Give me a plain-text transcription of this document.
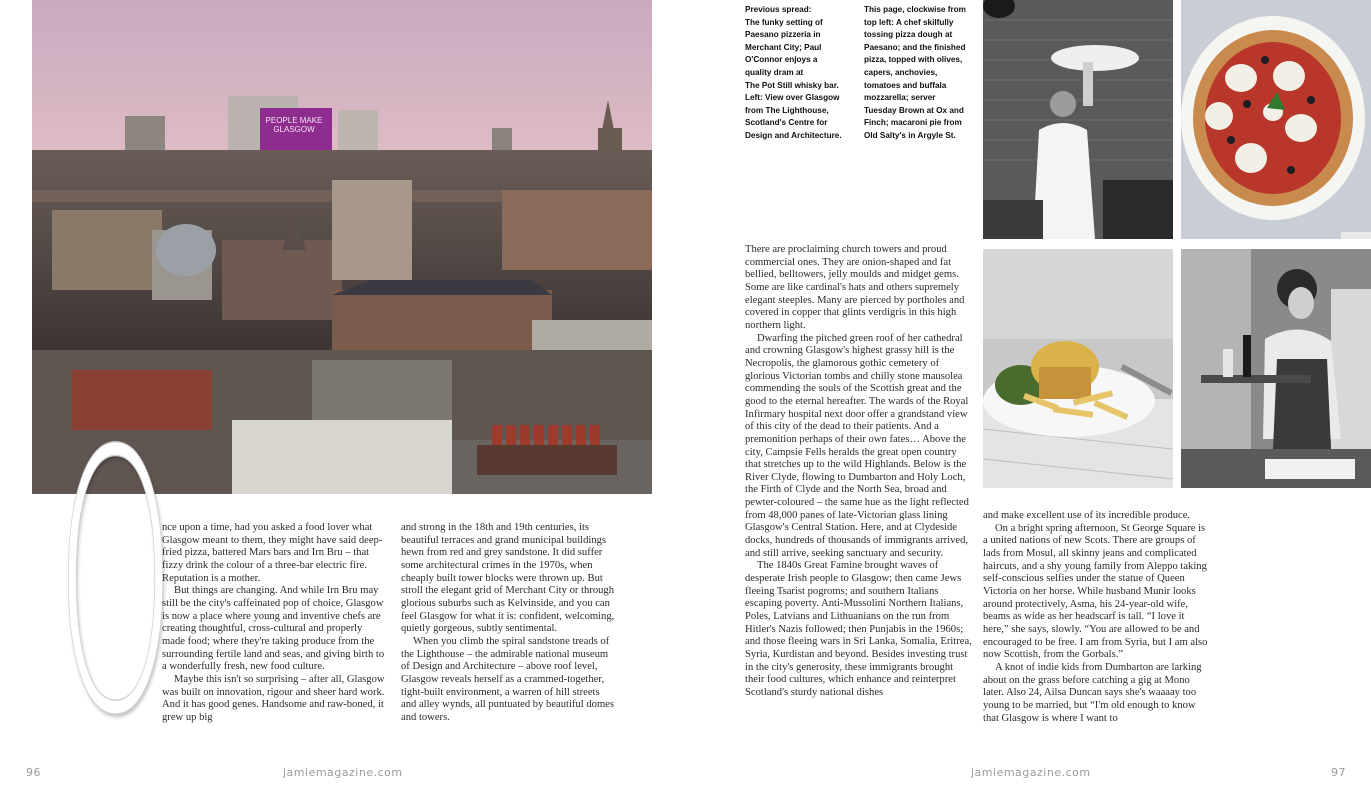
PEOPLE MAKE GLASGOW
O

nce upon a time, had you asked a food lover what Glasgow meant to them, they might have said deep-fried pizza, battered Mars bars and Irn Bru – that fizzy drink the colour of a three-bar electric fire. Reputation is a mother.

But things are changing. And while Irn Bru may still be the city's caffeinated pop of choice, Glasgow is now a place where young and inventive chefs are creating thoughtful, cross-cultural and properly made food; where they're taking produce from the surrounding fertile land and seas, and giving birth to a wonderfully fresh, new food culture.

Maybe this isn't so surprising – after all, Glasgow was built on innovation, rigour and sheer hard work. And it has good genes. Handsome and raw-boned, it grew up big

and strong in the 18th and 19th centuries, its beautiful terraces and grand municipal buildings hewn from red and grey sandstone. It did suffer some architectural crimes in the 1970s, when cheaply built tower blocks were thrown up. But stroll the elegant grid of Merchant City or through glorious suburbs such as Kelvinside, and you can feel Glasgow for what it is: confident, welcoming, quietly gorgeous, subtly sentimental.

When you climb the spiral sandstone treads of the Lighthouse – the admirable national museum of Design and Architecture – above roof level, Glasgow reveals herself as a crammed-together, tight-built environment, a warren of hill streets and alley wynds, all puntuated by beautiful domes and towers.

96	jamiemagazine.com
Previous spread:
The funky setting of
Paesano pizzeria in
Merchant City; Paul
O'Connor enjoys a
quality dram at
The Pot Still whisky bar.
Left: View over Glasgow
from The Lighthouse,
Scotland's Centre for
Design and Architecture.
This page, clockwise from
top left: A chef skilfully
tossing pizza dough at
Paesano; and the finished
pizza, topped with olives,
capers, anchovies,
tomatoes and buffala
mozzarella; server
Tuesday Brown at Ox and
Finch; macaroni pie from
Old Salty's in Argyle St.

There are proclaiming church towers and proud commercial ones. They are onion-shaped and fat bellied, belltowers, jelly moulds and midget gems. Some are like cardinal's hats and others supremely elegant steeples. Many are pierced by portholes and covered in copper that glints verdigris in this high northern light.

Dwarfing the pitched green roof of her cathedral and crowning Glasgow's highest grassy hill is the Necropolis, the glamorous gothic cemetery of glorious Victorian tombs and chilly stone mausolea commending the souls of the Scottish great and the good to the eternal hereafter. The wards of the Royal Infirmary hospital next door offer a grandstand view of this city of the dead to their patients. And a premonition perhaps of their own fates… Above the city, Campsie Fells heralds the great open country that stretches up to the wild Highlands. Below is the River Clyde, flowing to Dumbarton and Holy Loch, the Firth of Clyde and the North Sea, broad and pewter-coloured – the same hue as the light reflected from 48,000 panes of late-Victorian glass lining Glasgow's Central Station. Here, and at Clydeside docks, hundreds of thousands of immigrants arrived, and still arrive, seeking sanctuary and security.

The 1840s Great Famine brought waves of desperate Irish people to Glasgow; then came Jews fleeing Tsarist pogroms; and southern Italians escaping poverty. Anti-Mussolini Northern Italians, Poles, Latvians and Lithuanians on the run from Hitler's Nazis followed; then Punjabis in the 1960s; and those fleeing wars in Sri Lanka, Somalia, Eritrea, Syria, Kurdistan and beyond. Besides investing trust in the city's generosity, these immigrants brought their food cultures, which enhance and reinterpret Scotland's sturdy national dishes

and make excellent use of its incredible produce.

On a bright spring afternoon, St George Square is a united nations of new Scots. There are groups of lads from Mosul, all skinny jeans and complicated haircuts, and a shy young family from Aleppo taking self-conscious selfies under the statue of Queen Victoria on her horse. While husband Munir looks around protectively, Asma, his 24-year-old wife, beams as wide as her headscarf is tall. “I love it here,” she says, slowly. “You are allowed to be and encouraged to be free. I am from Syria, but I am also now Scottish, from the Gorbals.”

A knot of indie kids from Dumbarton are larking about on the grass before catching a gig at Mono later. Also 24, Ailsa Duncan says she's waaaay too young to be married, but “I'm old enough to know that Glasgow is where I want to

jamiemagazine.com	97
